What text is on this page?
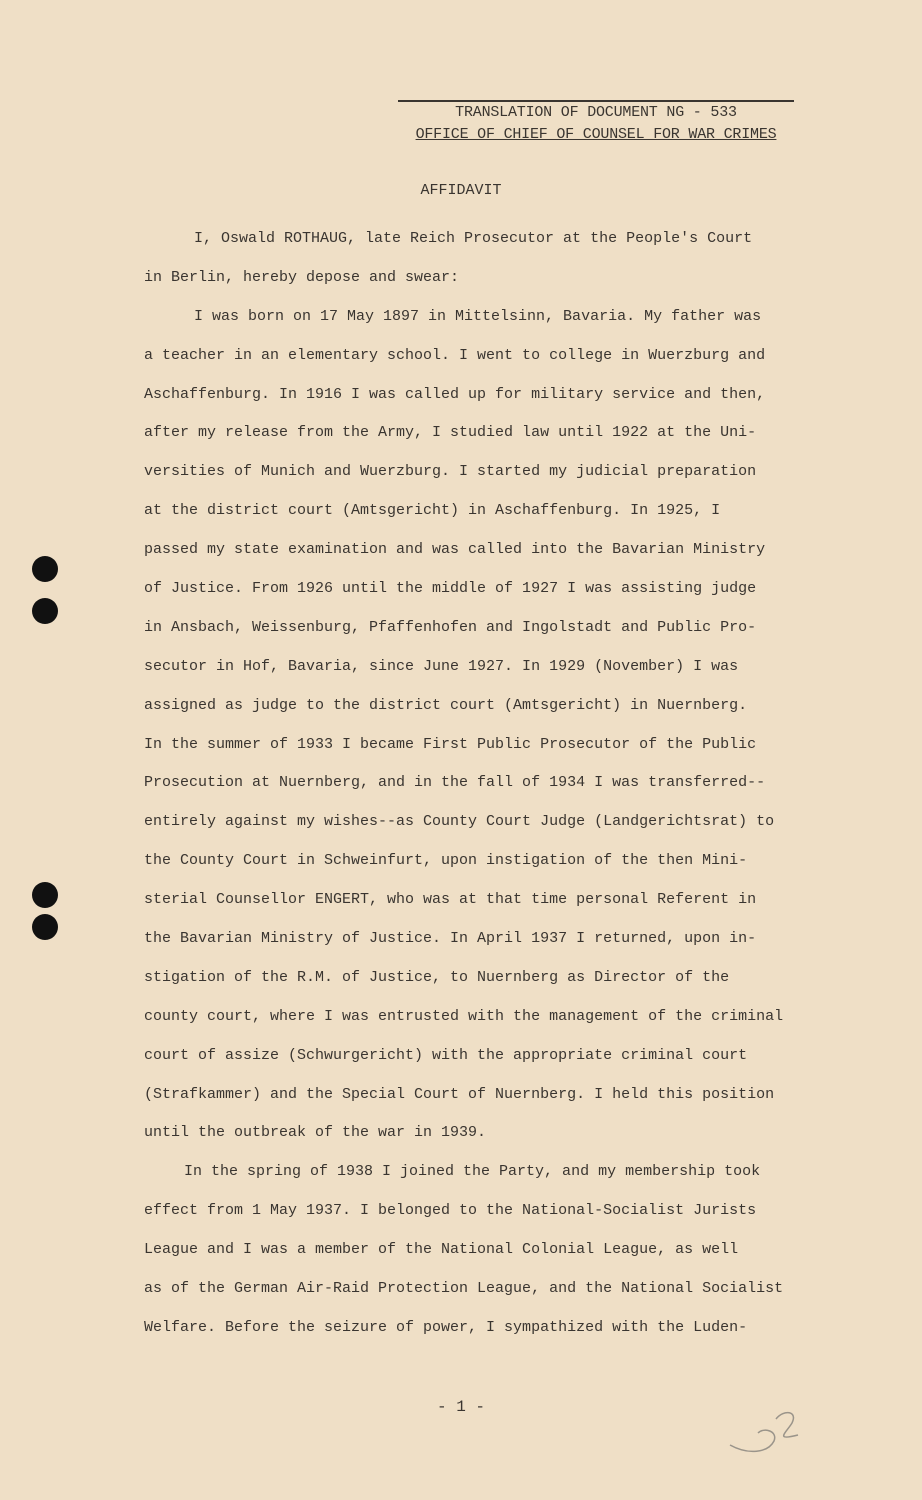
TRANSLATION OF DOCUMENT NG - 533
OFFICE OF CHIEF OF COUNSEL FOR WAR CRIMES
AFFIDAVIT
I, Oswald ROTHAUG, late Reich Prosecutor at the People's Court
in Berlin, hereby depose and swear:
I was born on 17 May 1897 in Mittelsinn, Bavaria. My father was
a teacher in an elementary school. I went to college in Wuerzburg and
Aschaffenburg. In 1916 I was called up for military service and then,
after my release from the Army, I studied law until 1922 at the Uni-
versities of Munich and Wuerzburg. I started my judicial preparation
at the district court (Amtsgericht) in Aschaffenburg. In 1925, I
passed my state examination and was called into the Bavarian Ministry
of Justice. From 1926 until the middle of 1927 I was assisting judge
in Ansbach, Weissenburg, Pfaffenhofen and Ingolstadt and Public Pro-
secutor in Hof, Bavaria, since June 1927. In 1929 (November) I was
assigned as judge to the district court (Amtsgericht) in Nuernberg.
In the summer of 1933 I became First Public Prosecutor of the Public
Prosecution at Nuernberg, and in the fall of 1934 I was transferred--
entirely against my wishes--as County Court Judge (Landgerichtsrat) to
the County Court in Schweinfurt, upon instigation of the then Mini-
sterial Counsellor ENGERT, who was at that time personal Referent in
the Bavarian Ministry of Justice. In April 1937 I returned, upon in-
stigation of the R.M. of Justice, to Nuernberg as Director of the
county court, where I was entrusted with the management of the criminal
court of assize (Schwurgericht) with the appropriate criminal court
(Strafkammer) and the Special Court of Nuernberg. I held this position
until the outbreak of the war in 1939.
In the spring of 1938 I joined the Party, and my membership took
effect from 1 May 1937. I belonged to the National-Socialist Jurists
League and I was a member of the National Colonial League, as well
as of the German Air-Raid Protection League, and the National Socialist
Welfare. Before the seizure of power, I sympathized with the Luden-
- 1 -
